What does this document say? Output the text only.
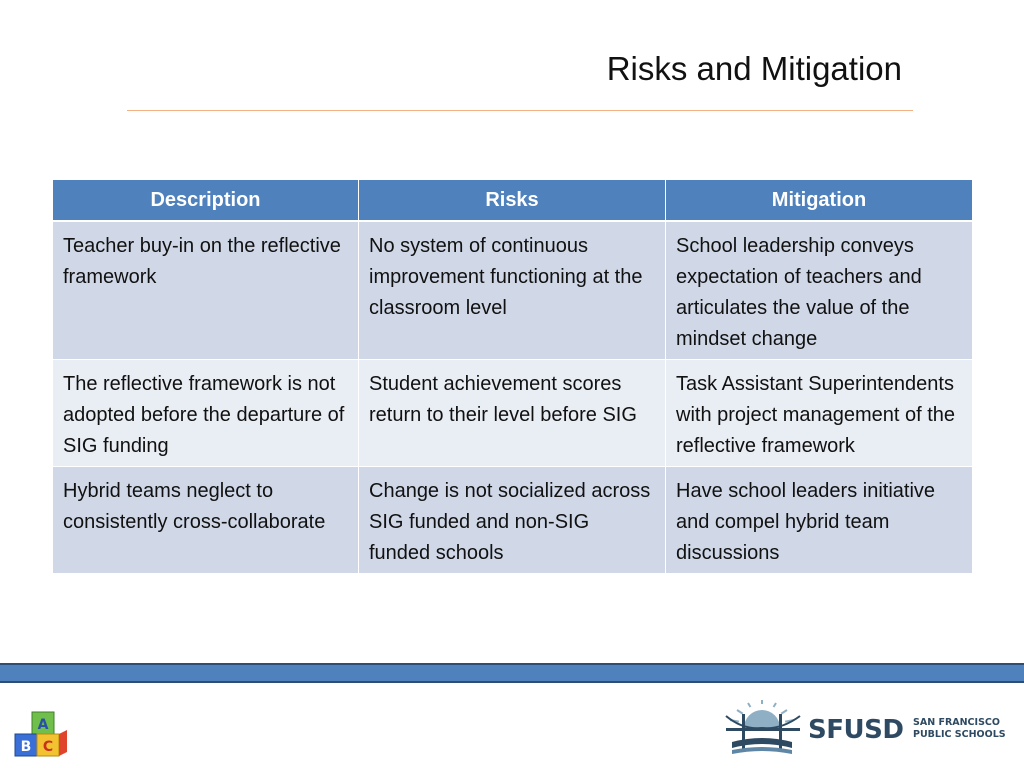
Risks and Mitigation
Description	Risks	Mitigation
Teacher buy-in on the reflective framework	No system of continuous improvement functioning at the classroom level	School leadership conveys expectation of teachers and articulates the value of the mindset change
The reflective framework is not adopted before the departure of SIG funding	Student achievement scores return to their level before SIG	Task Assistant Superintendents with project management of the reflective framework
Hybrid teams neglect to consistently cross-collaborate	Change is not socialized across SIG funded and non-SIG funded schools	Have school leaders initiative and compel hybrid team discussions
A
B C
SFUSD SAN FRANCISCO
PUBLIC SCHOOLS
